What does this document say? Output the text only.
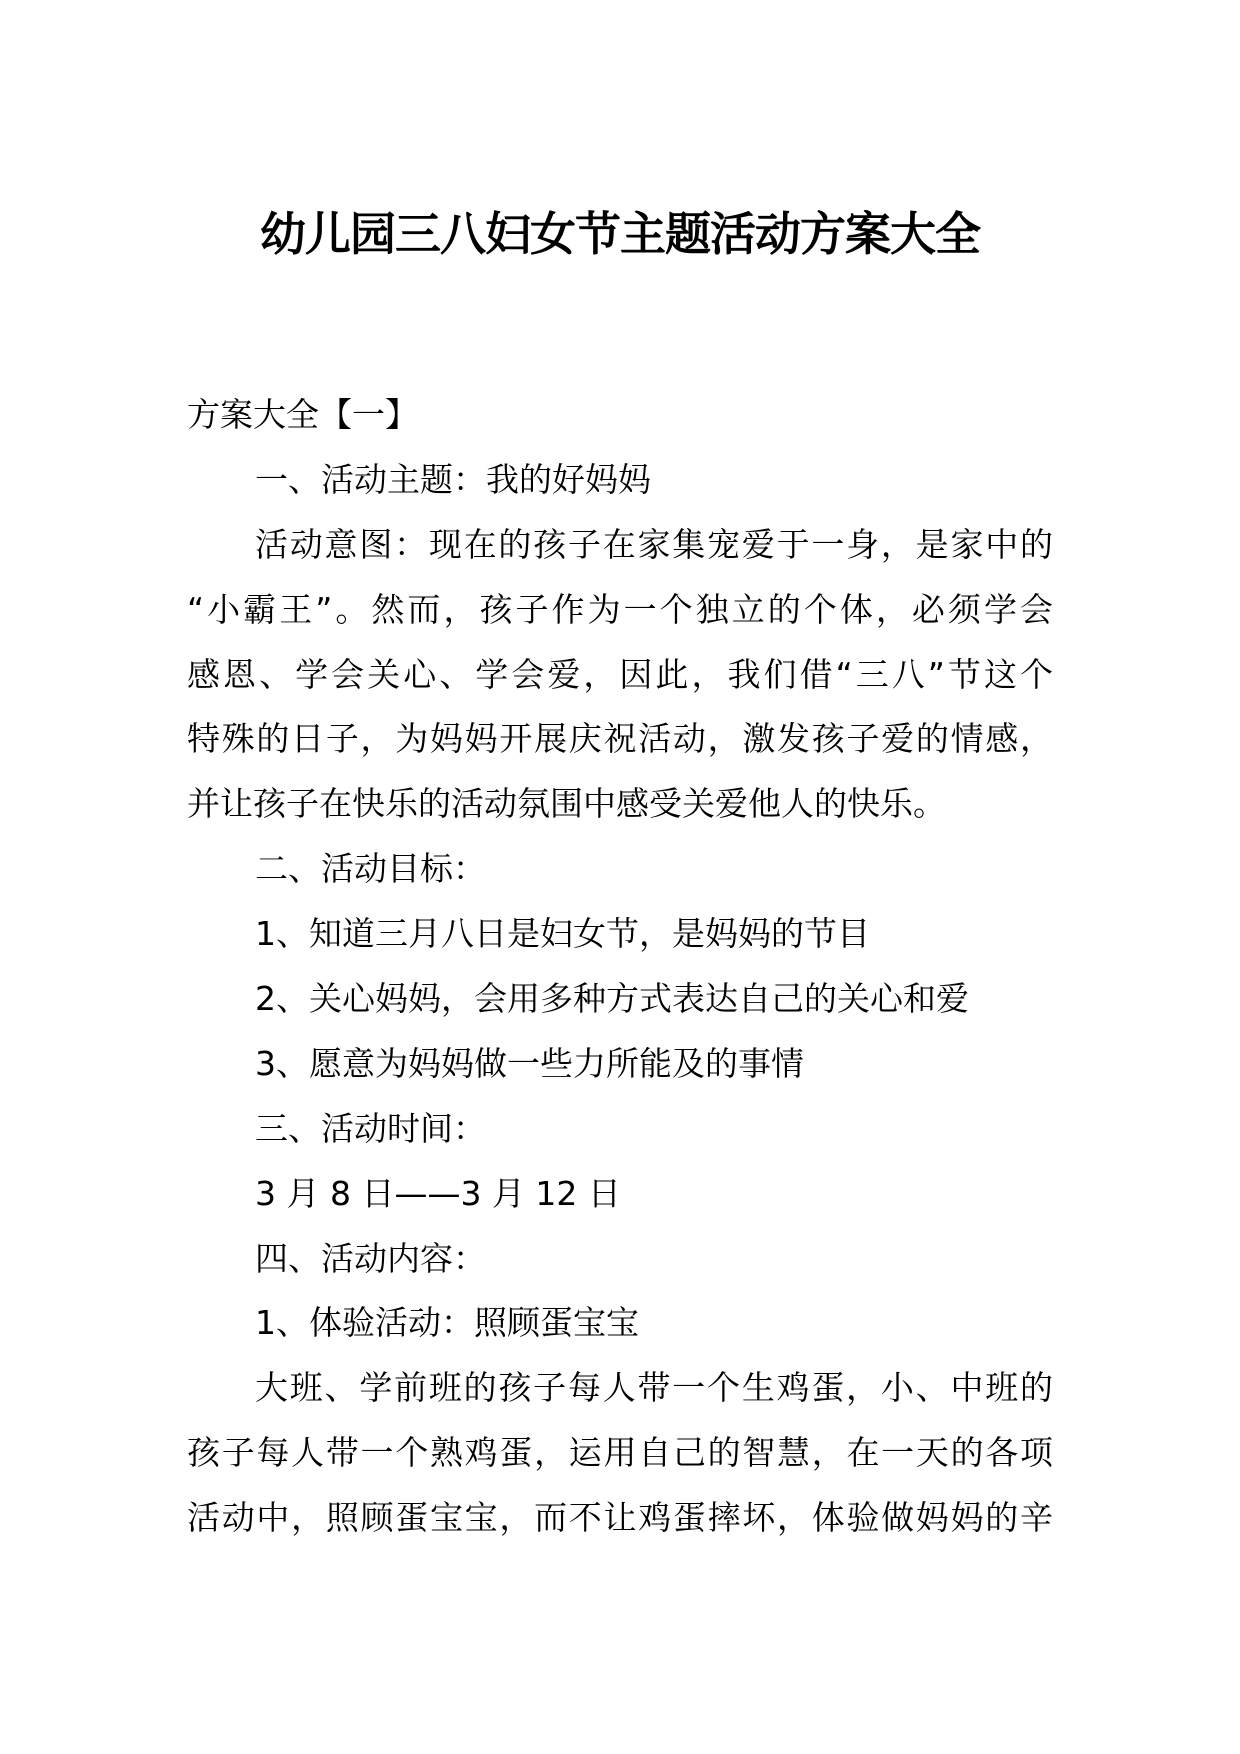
幼儿园三八妇女节主题活动方案大全
方案大全【一】
一、活动主题：我的好妈妈
活动意图：现在的孩子在家集宠爱于一身，是家中的
“小霸王”。然而，孩子作为一个独立的个体，必须学会
感恩、学会关心、学会爱，因此，我们借“三八”节这个
特殊的日子，为妈妈开展庆祝活动，激发孩子爱的情感，
并让孩子在快乐的活动氛围中感受关爱他人的快乐。
二、活动目标：
1、知道三月八日是妇女节，是妈妈的节目
2、关心妈妈，会用多种方式表达自己的关心和爱
3、愿意为妈妈做一些力所能及的事情
三、活动时间：
3 月 8 日——3 月 12 日
四、活动内容：
1、体验活动：照顾蛋宝宝
大班、学前班的孩子每人带一个生鸡蛋，小、中班的
孩子每人带一个熟鸡蛋，运用自己的智慧，在一天的各项
活动中，照顾蛋宝宝，而不让鸡蛋摔坏，体验做妈妈的辛
